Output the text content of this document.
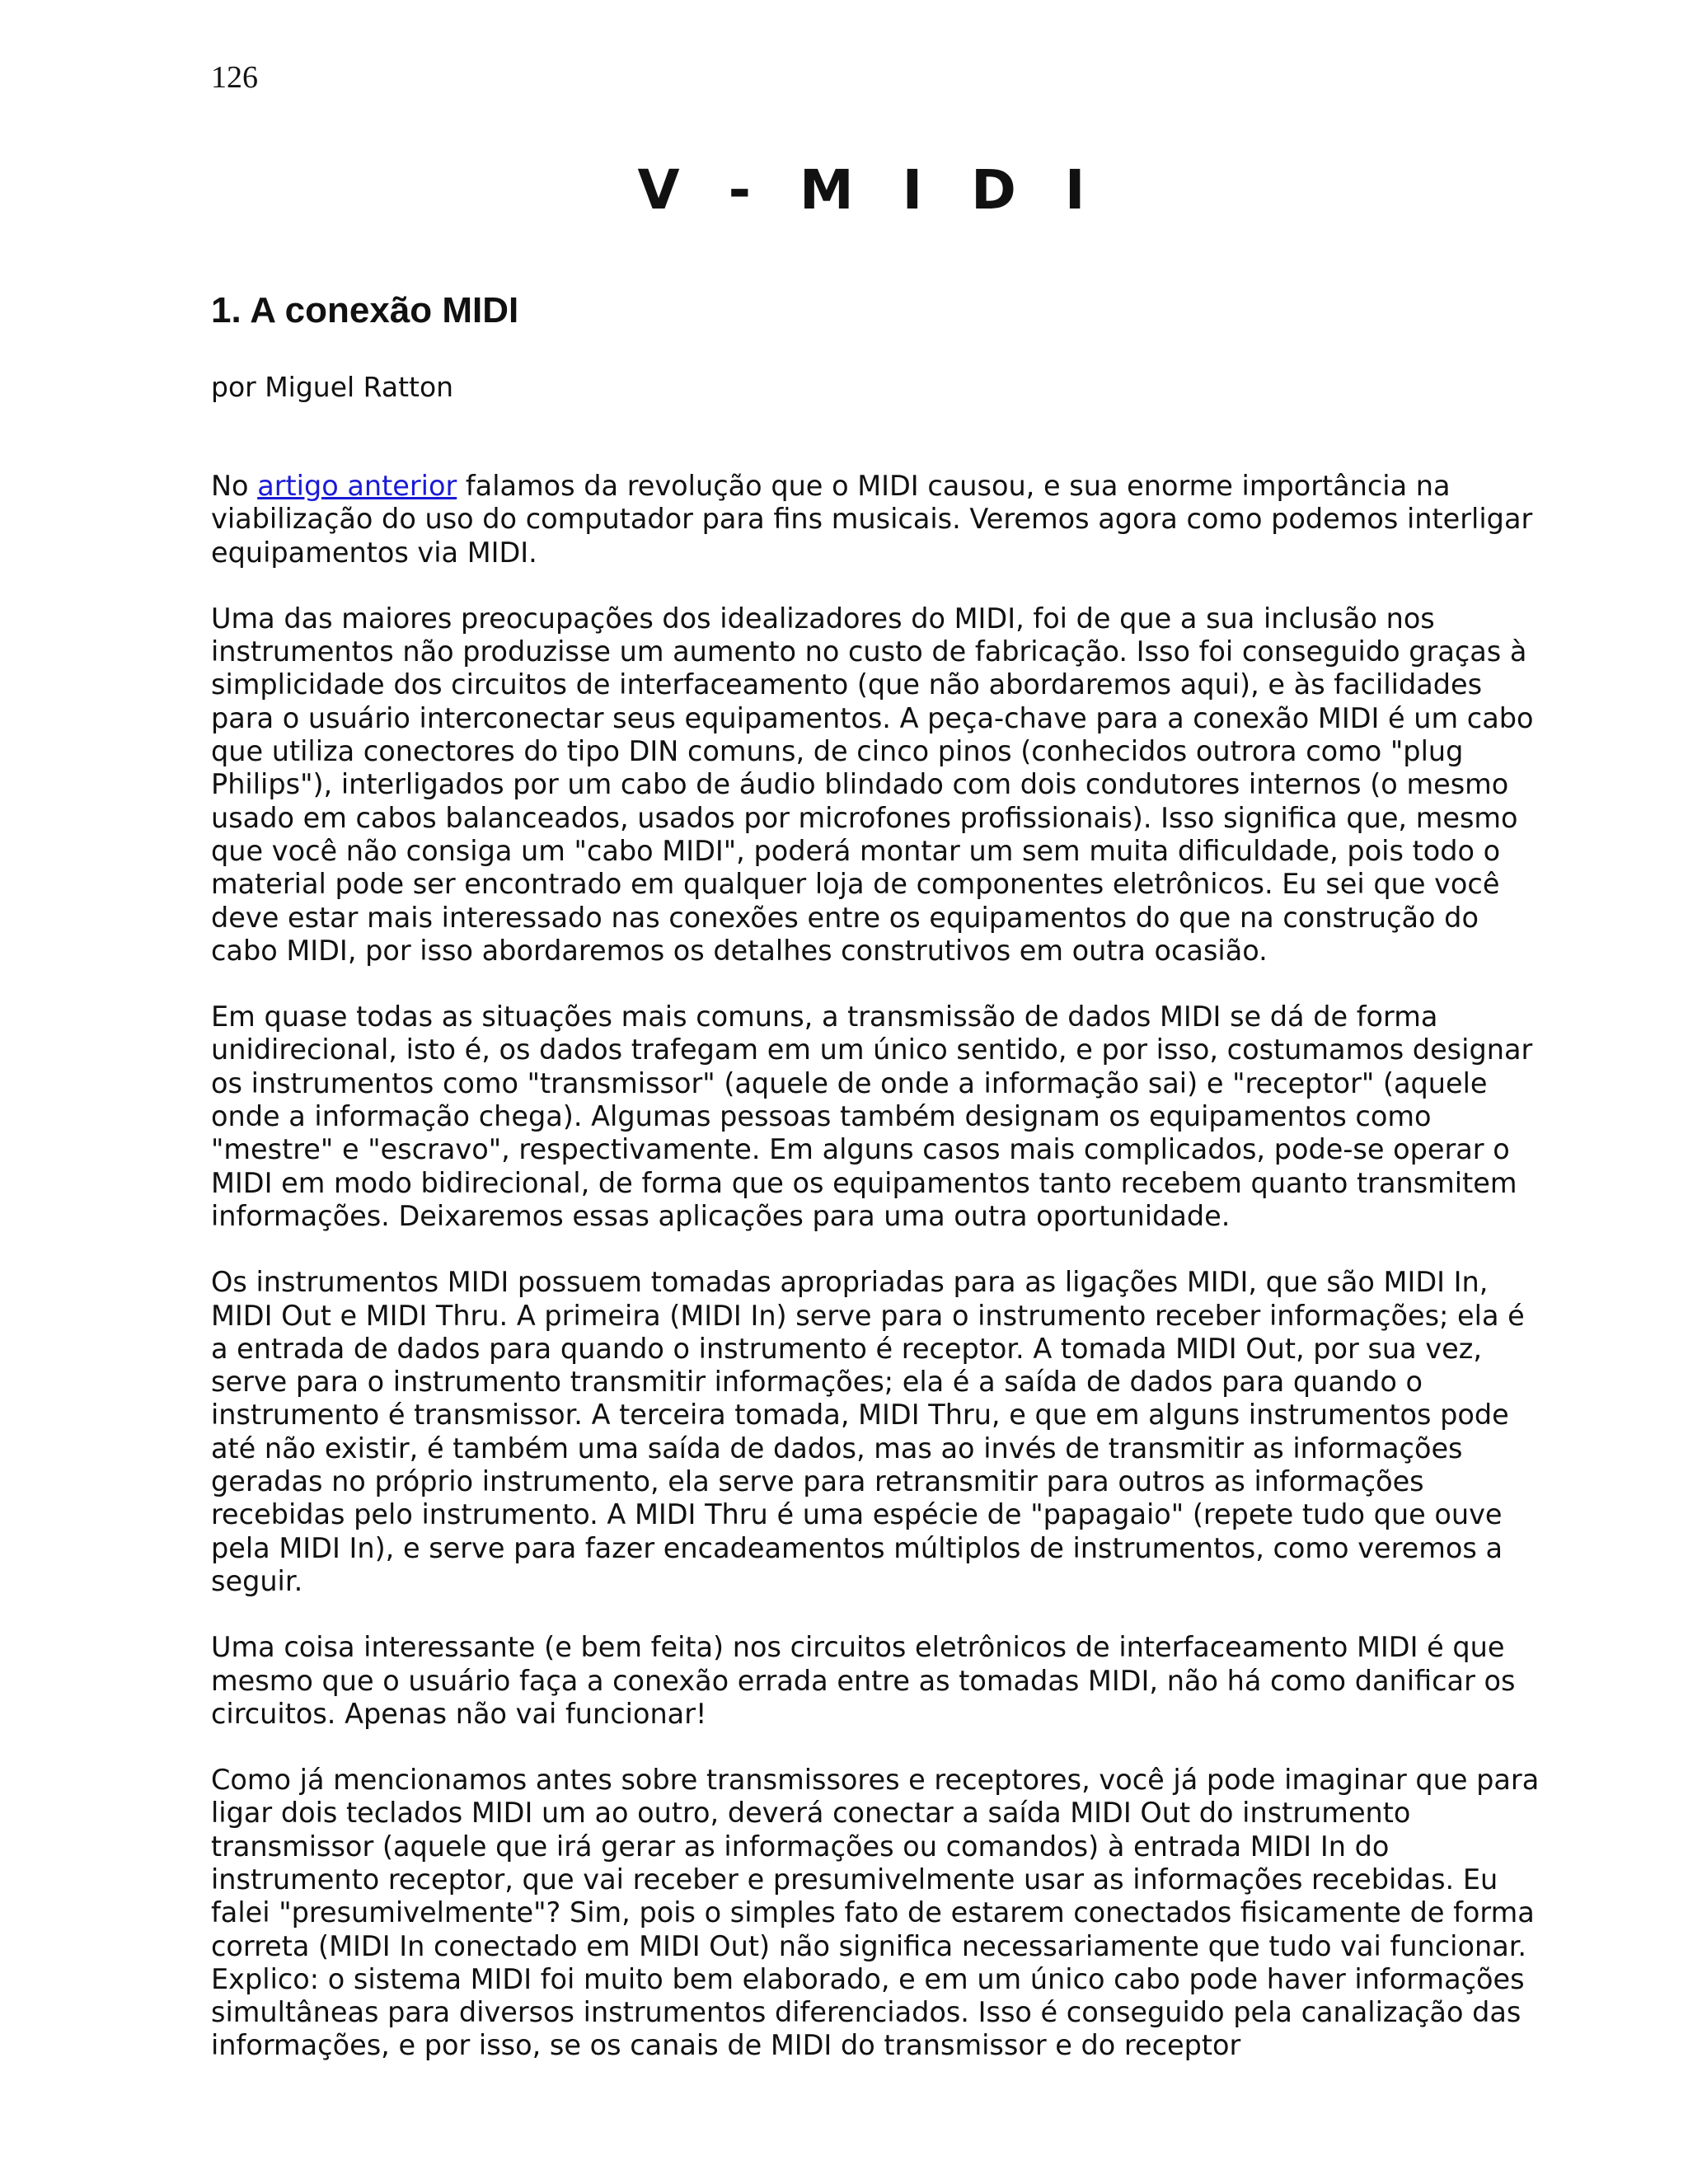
126
V - M I D I
1. A conexão MIDI

por Miguel Ratton

No artigo anterior falamos da revolução que o MIDI causou, e sua enorme importância na viabilização do uso do computador para fins musicais. Veremos agora como podemos interligar equipamentos via MIDI.

Uma das maiores preocupações dos idealizadores do MIDI, foi de que a sua inclusão nos instrumentos não produzisse um aumento no custo de fabricação. Isso foi conseguido graças à simplicidade dos circuitos de interfaceamento (que não abordaremos aqui), e às facilidades para o usuário interconectar seus equipamentos. A peça-chave para a conexão MIDI é um cabo que utiliza conectores do tipo DIN comuns, de cinco pinos (conhecidos outrora como "plug Philips"), interligados por um cabo de áudio blindado com dois condutores internos (o mesmo usado em cabos balanceados, usados por microfones profissionais). Isso significa que, mesmo que você não consiga um "cabo MIDI", poderá montar um sem muita dificuldade, pois todo o material pode ser encontrado em qualquer loja de componentes eletrônicos. Eu sei que você deve estar mais interessado nas conexões entre os equipamentos do que na construção do cabo MIDI, por isso abordaremos os detalhes construtivos em outra ocasião.

Em quase todas as situações mais comuns, a transmissão de dados MIDI se dá de forma unidirecional, isto é, os dados trafegam em um único sentido, e por isso, costumamos designar os instrumentos como "transmissor" (aquele de onde a informação sai) e "receptor" (aquele onde a informação chega). Algumas pessoas também designam os equipamentos como "mestre" e "escravo", respectivamente. Em alguns casos mais complicados, pode-se operar o MIDI em modo bidirecional, de forma que os equipamentos tanto recebem quanto transmitem informações. Deixaremos essas aplicações para uma outra oportunidade.

Os instrumentos MIDI possuem tomadas apropriadas para as ligações MIDI, que são MIDI In, MIDI Out e MIDI Thru. A primeira (MIDI In) serve para o instrumento receber informações; ela é a entrada de dados para quando o instrumento é receptor. A tomada MIDI Out, por sua vez, serve para o instrumento transmitir informações; ela é a saída de dados para quando o instrumento é transmissor. A terceira tomada, MIDI Thru, e que em alguns instrumentos pode até não existir, é também uma saída de dados, mas ao invés de transmitir as informações geradas no próprio instrumento, ela serve para retransmitir para outros as informações recebidas pelo instrumento. A MIDI Thru é uma espécie de "papagaio" (repete tudo que ouve pela MIDI In), e serve para fazer encadeamentos múltiplos de instrumentos, como veremos a seguir.

Uma coisa interessante (e bem feita) nos circuitos eletrônicos de interfaceamento MIDI é que mesmo que o usuário faça a conexão errada entre as tomadas MIDI, não há como danificar os circuitos. Apenas não vai funcionar!

Como já mencionamos antes sobre transmissores e receptores, você já pode imaginar que para ligar dois teclados MIDI um ao outro, deverá conectar a saída MIDI Out do instrumento transmissor (aquele que irá gerar as informações ou comandos) à entrada MIDI In do instrumento receptor, que vai receber e presumivelmente usar as informações recebidas. Eu falei "presumivelmente"? Sim, pois o simples fato de estarem conectados fisicamente de forma correta (MIDI In conectado em MIDI Out) não significa necessariamente que tudo vai funcionar. Explico: o sistema MIDI foi muito bem elaborado, e em um único cabo pode haver informações simultâneas para diversos instrumentos diferenciados. Isso é conseguido pela canalização das informações, e por isso, se os canais de MIDI do transmissor e do receptor
